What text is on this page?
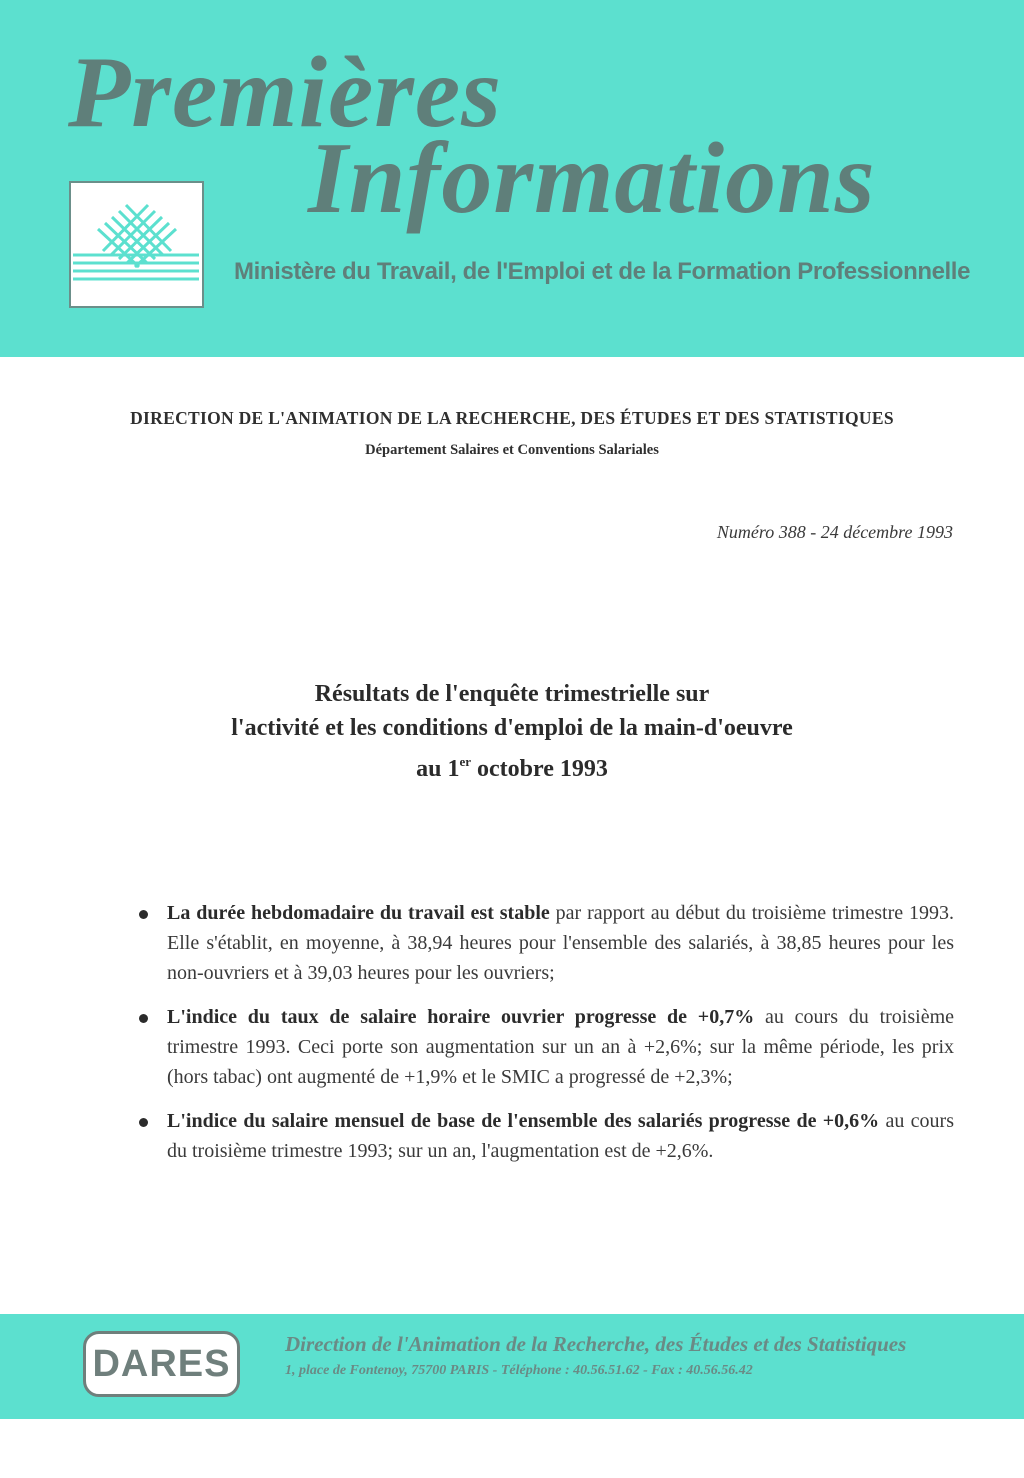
Premières
Informations
Ministère du Travail, de l'Emploi et de la Formation Professionnelle
DIRECTION DE L'ANIMATION DE LA RECHERCHE, DES ÉTUDES ET DES STATISTIQUES
Département Salaires et Conventions Salariales
Numéro 388 - 24 décembre 1993
Résultats de l'enquête trimestrielle sur
l'activité et les conditions d'emploi de la main-d'oeuvre
au 1er octobre 1993
La durée hebdomadaire du travail est stable par rapport au début du troisième trimestre 1993. Elle s'établit, en moyenne, à 38,94 heures pour l'ensemble des salariés, à 38,85 heures pour les non-ouvriers et à 39,03 heures pour les ouvriers;
L'indice du taux de salaire horaire ouvrier progresse de +0,7% au cours du troisième trimestre 1993. Ceci porte son augmentation sur un an à +2,6%; sur la même période, les prix (hors tabac) ont augmenté de +1,9% et le SMIC a progressé de +2,3%;
L'indice du salaire mensuel de base de l'ensemble des salariés progresse de +0,6% au cours du troisième trimestre 1993; sur un an, l'augmentation est de +2,6%.
DARES	Direction de l'Animation de la Recherche, des Études et des Statistiques
1, place de Fontenoy, 75700 PARIS - Téléphone : 40.56.51.62 - Fax : 40.56.56.42
